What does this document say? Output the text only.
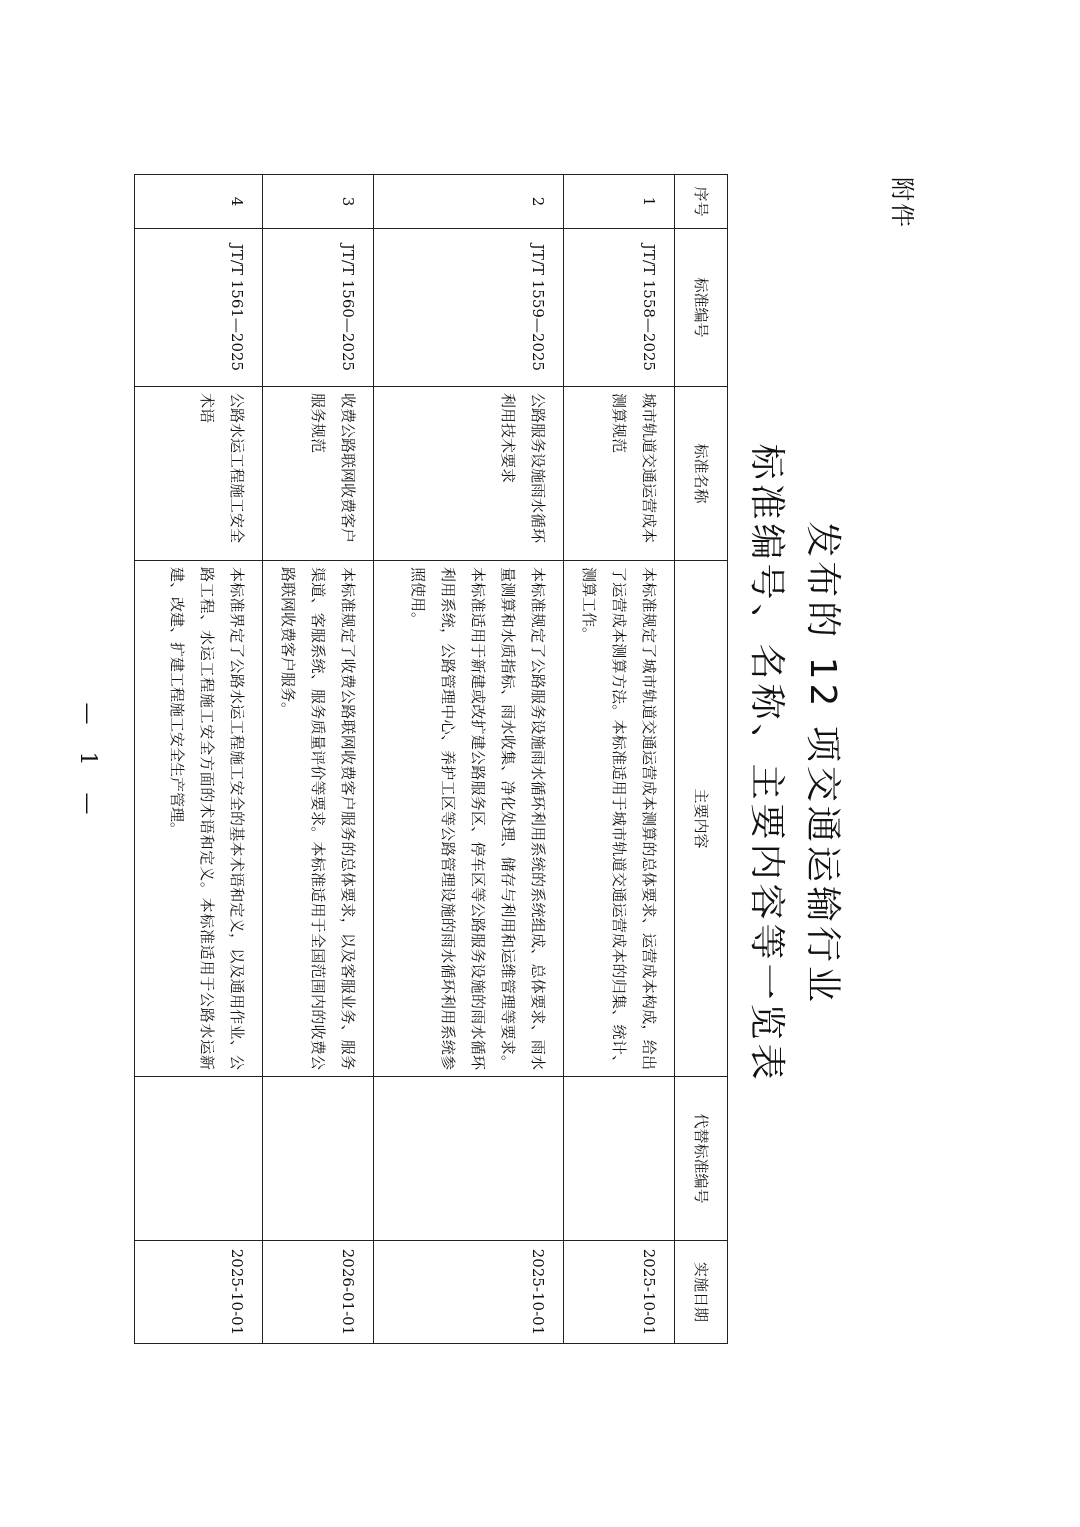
附件
发布的 12 项交通运输行业
标准编号、名称、主要内容等一览表
序号	标准编号	标准名称	主要内容	代替标准编号	实施日期
1	JT/T 1558—2025	城市轨道交通运营成本测算规范	本标准规定了城市轨道交通运营成本测算的总体要求、运营成本构成，给出了运营成本测算方法。本标准适用于城市轨道交通运营成本的归集、统计、测算工作。		2025-10-01
2	JT/T 1559—2025	公路服务设施雨水循环利用技术要求	本标准规定了公路服务设施雨水循环利用系统的系统组成、总体要求、雨水量测算和水质指标、雨水收集、净化处理、储存与利用和运维管理等要求。本标准适用于新建或改扩建公路服务区、停车区等公路服务设施的雨水循环利用系统，公路管理中心、养护工区等公路管理设施的雨水循环利用系统参照使用。		2025-10-01
3	JT/T 1560—2025	收费公路联网收费客户服务规范	本标准规定了收费公路联网收费客户服务的总体要求，以及客服业务、服务渠道、客服系统、服务质量评价等要求。本标准适用于全国范围内的收费公路联网收费客户服务。		2026-01-01
4	JT/T 1561—2025	公路水运工程施工安全术语	本标准界定了公路水运工程施工安全的基本术语和定义，以及通用作业、公路工程、水运工程施工安全方面的术语和定义。本标准适用于公路水运新建、改建、扩建工程施工安全生产管理。		2025-10-01
— 1 —
